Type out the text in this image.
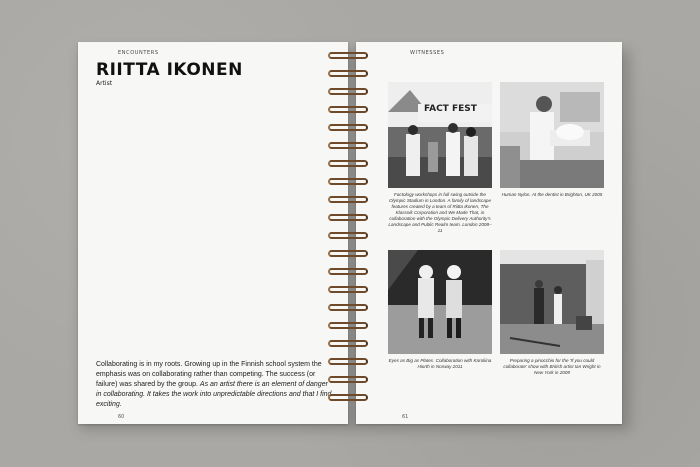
ENCOUNTERS
RIITTA IKONEN
Artist
Collaborating is in my roots. Growing up in the Finnish school system the emphasis was on collaborating rather than competing. The success (or failure) was shared by the group. As an artist there is an element of danger in collaborating. It takes the work into unpredictable directions and that I find exciting.
60
WITNESSES
FACT FEST
Factology workshops in full swing outside the Olympic Stadium in London. A family of landscape features created by a team of Riitta Ikonen, The Klassnik Corporation and We Made That, in collaboration with the Olympic Delivery Authority's Landscape and Public Realm team. London 2008–11
Human Nylon. At the dentist in Brighton, UK 2005
Eyes as Big as Plates. Collaboration with Karoliina Hiorth in Norway 2011
Preparing a pinocchio for the 'If you could collaborate' show with British artist Ian Wright in New York in 2009
61
